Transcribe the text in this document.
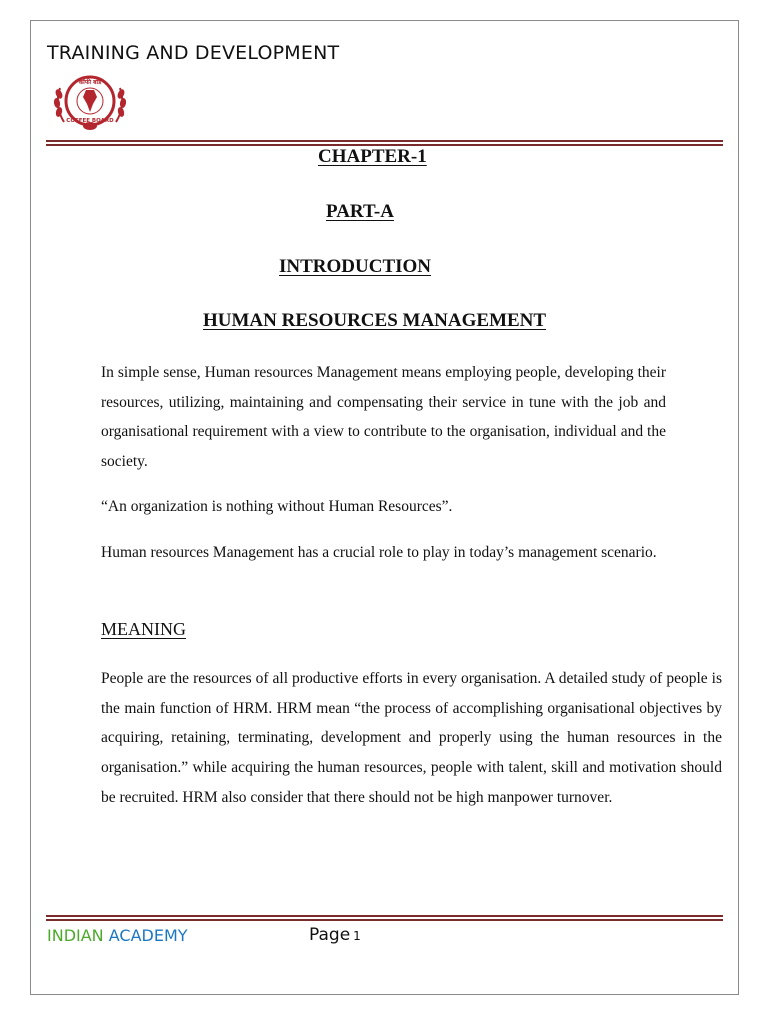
TRAINING AND DEVELOPMENT
कॉफी बोर्ड
COFFEE BOARD
CHAPTER-1
PART-A
INTRODUCTION
HUMAN RESOURCES MANAGEMENT

In simple sense, Human resources Management means employing people, developing their resources, utilizing, maintaining and compensating their service in tune with the job and organisational requirement with a view to contribute to the organisation, individual and the society.

“An organization is nothing without Human Resources”.

Human resources Management has a crucial role to play in today’s management scenario.

MEANING

People are the resources of all productive efforts in every organisation. A detailed study of people is the main function of HRM. HRM mean “the process of accomplishing organisational objectives by acquiring, retaining, terminating, development and properly using the human resources in the organisation.” while acquiring the human resources, people with talent, skill and motivation should be recruited. HRM also consider that there should not be high manpower turnover.

INDIAN ACADEMY	Page 1
